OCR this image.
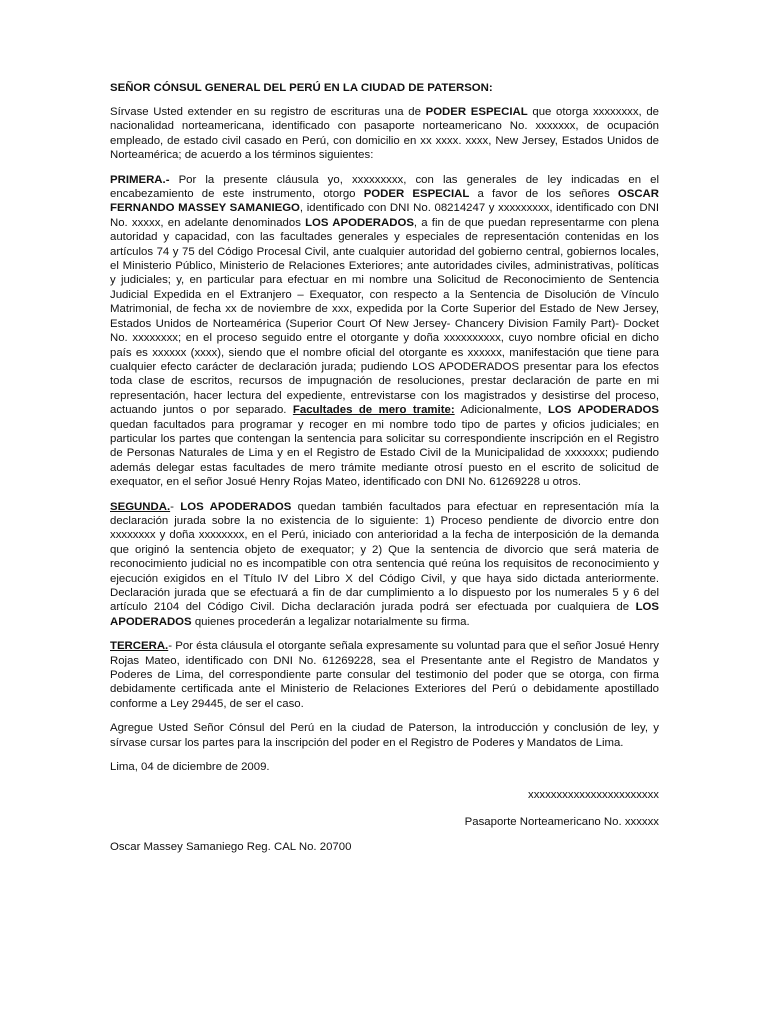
SEÑOR CÓNSUL GENERAL DEL PERÚ EN LA CIUDAD DE PATERSON:

Sírvase Usted extender en su registro de escrituras una de PODER ESPECIAL que otorga xxxxxxxx, de nacionalidad norteamericana, identificado con pasaporte norteamericano No. xxxxxxx, de ocupación empleado, de estado civil casado en Perú, con domicilio en xx xxxx. xxxx, New Jersey, Estados Unidos de Norteamérica; de acuerdo a los términos siguientes:

PRIMERA.- Por la presente cláusula yo, xxxxxxxxx, con las generales de ley indicadas en el encabezamiento de este instrumento, otorgo PODER ESPECIAL a favor de los señores OSCAR FERNANDO MASSEY SAMANIEGO, identificado con DNI No. 08214247 y xxxxxxxxx, identificado con DNI No. xxxxx, en adelante denominados LOS APODERADOS, a fin de que puedan representarme con plena autoridad y capacidad, con las facultades generales y especiales de representación contenidas en los artículos 74 y 75 del Código Procesal Civil, ante cualquier autoridad del gobierno central, gobiernos locales, el Ministerio Público, Ministerio de Relaciones Exteriores; ante autoridades civiles, administrativas, políticas y judiciales; y, en particular para efectuar en mi nombre una Solicitud de Reconocimiento de Sentencia Judicial Expedida en el Extranjero – Exequator, con respecto a la Sentencia de Disolución de Vínculo Matrimonial, de fecha xx de noviembre de xxx, expedida por la Corte Superior del Estado de New Jersey, Estados Unidos de Norteamérica (Superior Court Of New Jersey- Chancery Division Family Part)- Docket No. xxxxxxxx; en el proceso seguido entre el otorgante y doña xxxxxxxxxx, cuyo nombre oficial en dicho país es xxxxxx (xxxx), siendo que el nombre oficial del otorgante es xxxxxx, manifestación que tiene para cualquier efecto carácter de declaración jurada; pudiendo LOS APODERADOS presentar para los efectos toda clase de escritos, recursos de impugnación de resoluciones, prestar declaración de parte en mi representación, hacer lectura del expediente, entrevistarse con los magistrados y desistirse del proceso, actuando juntos o por separado. Facultades de mero tramite: Adicionalmente, LOS APODERADOS quedan facultados para programar y recoger en mi nombre todo tipo de partes y oficios judiciales; en particular los partes que contengan la sentencia para solicitar su correspondiente inscripción en el Registro de Personas Naturales de Lima y en el Registro de Estado Civil de la Municipalidad de xxxxxxx; pudiendo además delegar estas facultades de mero trámite mediante otrosí puesto en el escrito de solicitud de exequator, en el señor Josué Henry Rojas Mateo, identificado con DNI No. 61269228 u otros.

SEGUNDA.- LOS APODERADOS quedan también facultados para efectuar en representación mía la declaración jurada sobre la no existencia de lo siguiente: 1) Proceso pendiente de divorcio entre don xxxxxxxx y doña xxxxxxxx, en el Perú, iniciado con anterioridad a la fecha de interposición de la demanda que originó la sentencia objeto de exequator; y 2) Que la sentencia de divorcio que será materia de reconocimiento judicial no es incompatible con otra sentencia qué reúna los requisitos de reconocimiento y ejecución exigidos en el Título IV del Libro X del Código Civil, y que haya sido dictada anteriormente. Declaración jurada que se efectuará a fin de dar cumplimiento a lo dispuesto por los numerales 5 y 6 del artículo 2104 del Código Civil. Dicha declaración jurada podrá ser efectuada por cualquiera de LOS APODERADOS quienes procederán a legalizar notarialmente su firma.

TERCERA.- Por ésta cláusula el otorgante señala expresamente su voluntad para que el señor Josué Henry Rojas Mateo, identificado con DNI No. 61269228, sea el Presentante ante el Registro de Mandatos y Poderes de Lima, del correspondiente parte consular del testimonio del poder que se otorga, con firma debidamente certificada ante el Ministerio de Relaciones Exteriores del Perú o debidamente apostillado conforme a Ley 29445, de ser el caso.

Agregue Usted Señor Cónsul del Perú en la ciudad de Paterson, la introducción y conclusión de ley, y sírvase cursar los partes para la inscripción del poder en el Registro de Poderes y Mandatos de Lima.

Lima, 04 de diciembre de 2009.

xxxxxxxxxxxxxxxxxxxxxxx

Pasaporte Norteamericano No. xxxxxx

Oscar Massey Samaniego Reg. CAL No. 20700
